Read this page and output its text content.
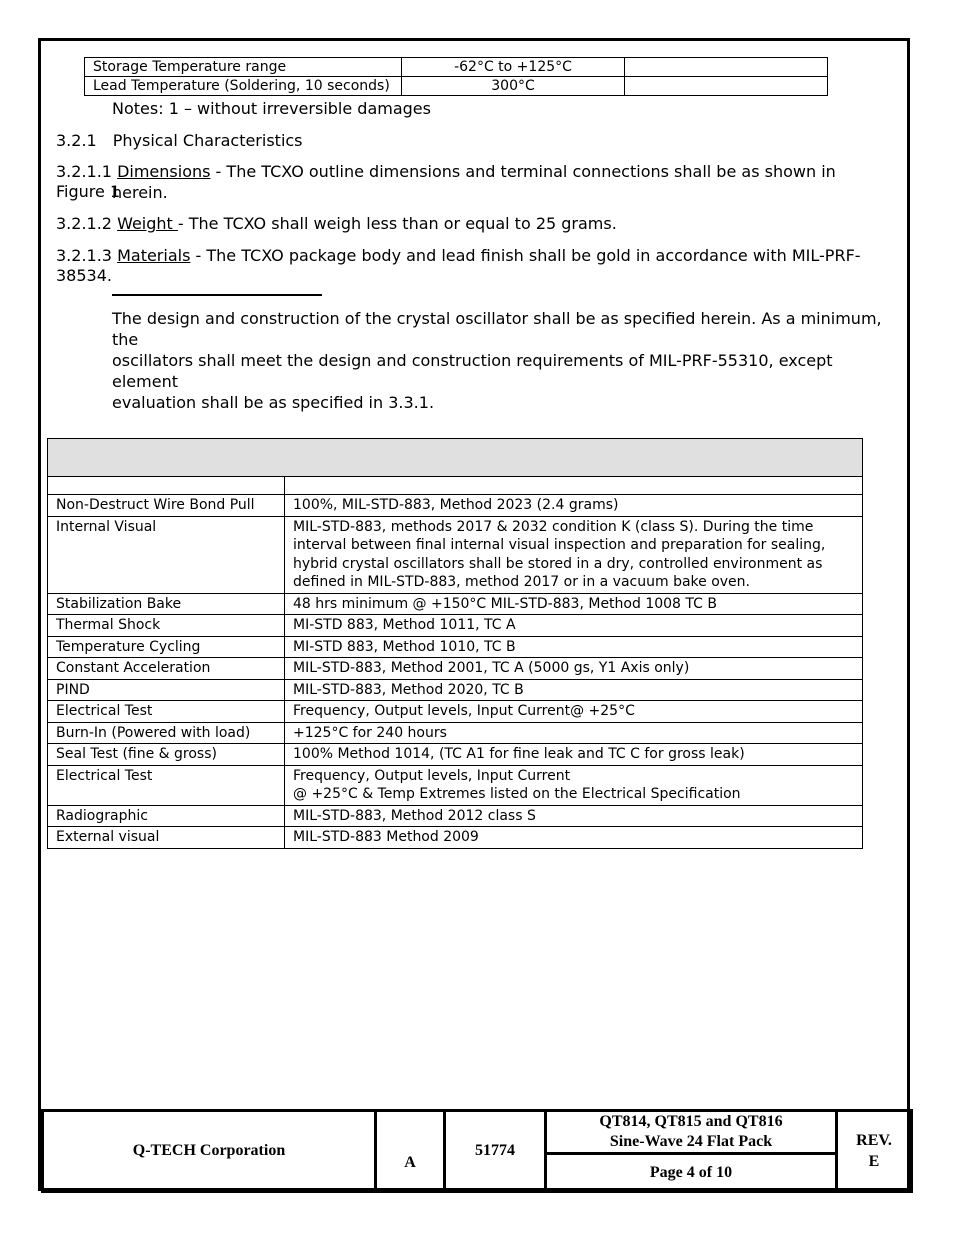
Storage Temperature range	-62°C to +125°C	
Lead Temperature (Soldering, 10 seconds)	300°C	
Notes: 1 – without irreversible damages
3.2.1 Physical Characteristics
3.2.1.1 Dimensions - The TCXO outline dimensions and terminal connections shall be as shown in Figure 1
herein.
3.2.1.2 Weight - The TCXO shall weigh less than or equal to 25 grams.
3.2.1.3 Materials - The TCXO package body and lead finish shall be gold in accordance with MIL-PRF-38534.
The design and construction of the crystal oscillator shall be as specified herein. As a minimum, the
oscillators shall meet the design and construction requirements of MIL-PRF-55310, except element
evaluation shall be as specified in 3.3.1.

Non-Destruct Wire Bond Pull	100%, MIL-STD-883, Method 2023 (2.4 grams)

Internal Visual	MIL-STD-883, methods 2017 & 2032 condition K (class S). During the time
interval between final internal visual inspection and preparation for sealing,
hybrid crystal oscillators shall be stored in a dry, controlled environment as
defined in MIL-STD-883, method 2017 or in a vacuum bake oven.

Stabilization Bake	48 hrs minimum @ +150°C MIL-STD-883, Method 1008 TC B

Thermal Shock	MI-STD 883, Method 1011, TC A

Temperature Cycling	MI-STD 883, Method 1010, TC B

Constant Acceleration	MIL-STD-883, Method 2001, TC A (5000 gs, Y1 Axis only)

PIND	MIL-STD-883, Method 2020, TC B

Electrical Test	Frequency, Output levels, Input Current@ +25°C

Burn-In (Powered with load)	+125°C for 240 hours

Seal Test (fine & gross)	100% Method 1014, (TC A1 for fine leak and TC C for gross leak)

Electrical Test	Frequency, Output levels, Input Current
@ +25°C & Temp Extremes listed on the Electrical Specification

Radiographic	MIL-STD-883, Method 2012 class S

External visual	MIL-STD-883 Method 2009
Q-TECH Corporation	A	51774	
QT814, QT815 and QT816
Sine-Wave 24 Flat Pack	REV.
E

Page 4 of 10
